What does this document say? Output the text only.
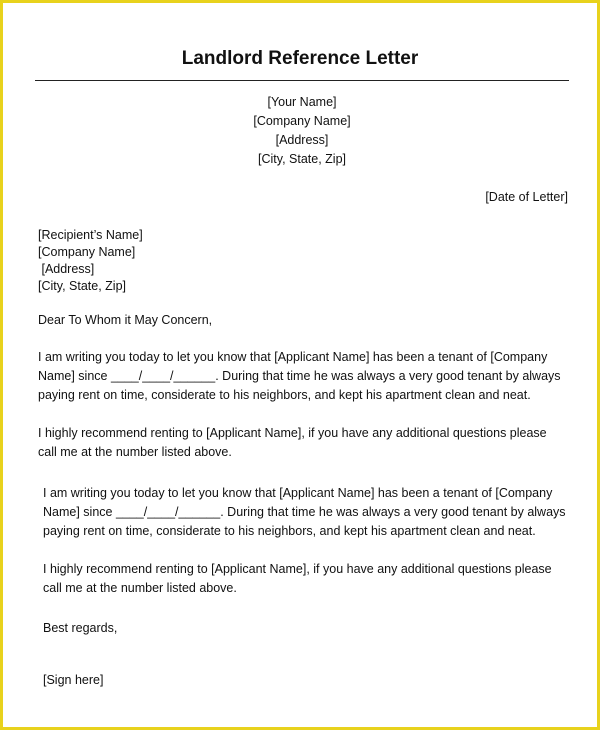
Landlord Reference Letter
[Your Name]
[Company Name]
[Address]
[City, State, Zip]
[Date of Letter]
[Recipient’s Name]
[Company Name]
[Address]
[City, State, Zip]
Dear To Whom it May Concern,
I am writing you today to let you know that [Applicant Name] has been a tenant of [Company
Name] since ____/____/______. During that time he was always a very good tenant by always
paying rent on time, considerate to his neighbors, and kept his apartment clean and neat.
I highly recommend renting to [Applicant Name], if you have any additional questions please
call me at the number listed above.
I am writing you today to let you know that [Applicant Name] has been a tenant of [Company
Name] since ____/____/______. During that time he was always a very good tenant by always
paying rent on time, considerate to his neighbors, and kept his apartment clean and neat.
I highly recommend renting to [Applicant Name], if you have any additional questions please
call me at the number listed above.
Best regards,
[Sign here]
